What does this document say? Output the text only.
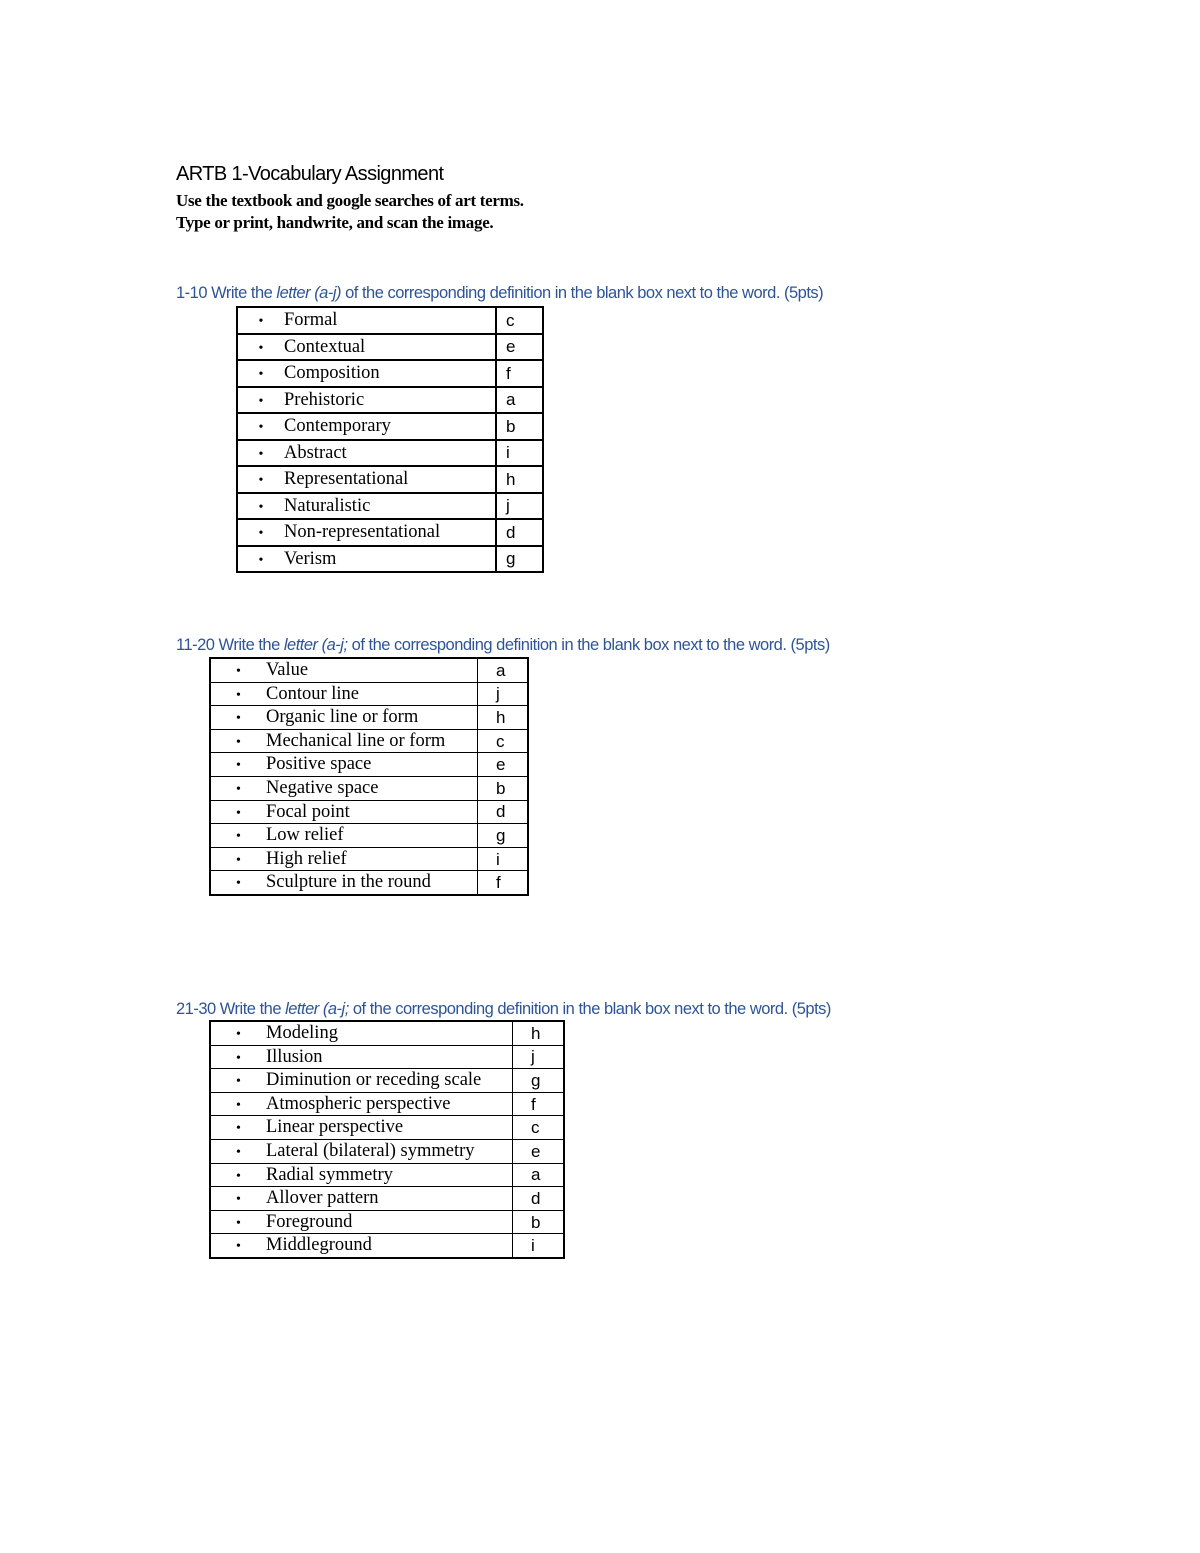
ARTB 1-Vocabulary Assignment
Use the textbook and google searches of art terms.
Type or print, handwrite, and scan the image.
1-10 Write the letter (a-j) of the corresponding definition in the blank box next to the word. (5pts)
• Formal	c
• Contextual	e
• Composition	f
• Prehistoric	a
• Contemporary	b
• Abstract	i
• Representational	h
• Naturalistic	j
• Non-representational	d
• Verism	g
11-20 Write the letter (a-j; of the corresponding definition in the blank box next to the word. (5pts)
• Value	a
• Contour line	j
• Organic line or form	h
• Mechanical line or form	c
• Positive space	e
• Negative space	b
• Focal point	d
• Low relief	g
• High relief	i
• Sculpture in the round	f
21-30 Write the letter (a-j; of the corresponding definition in the blank box next to the word. (5pts)
• Modeling	h
• Illusion	j
• Diminution or receding scale	g
• Atmospheric perspective	f
• Linear perspective	c
• Lateral (bilateral) symmetry	e
• Radial symmetry	a
• Allover pattern	d
• Foreground	b
• Middleground	i
